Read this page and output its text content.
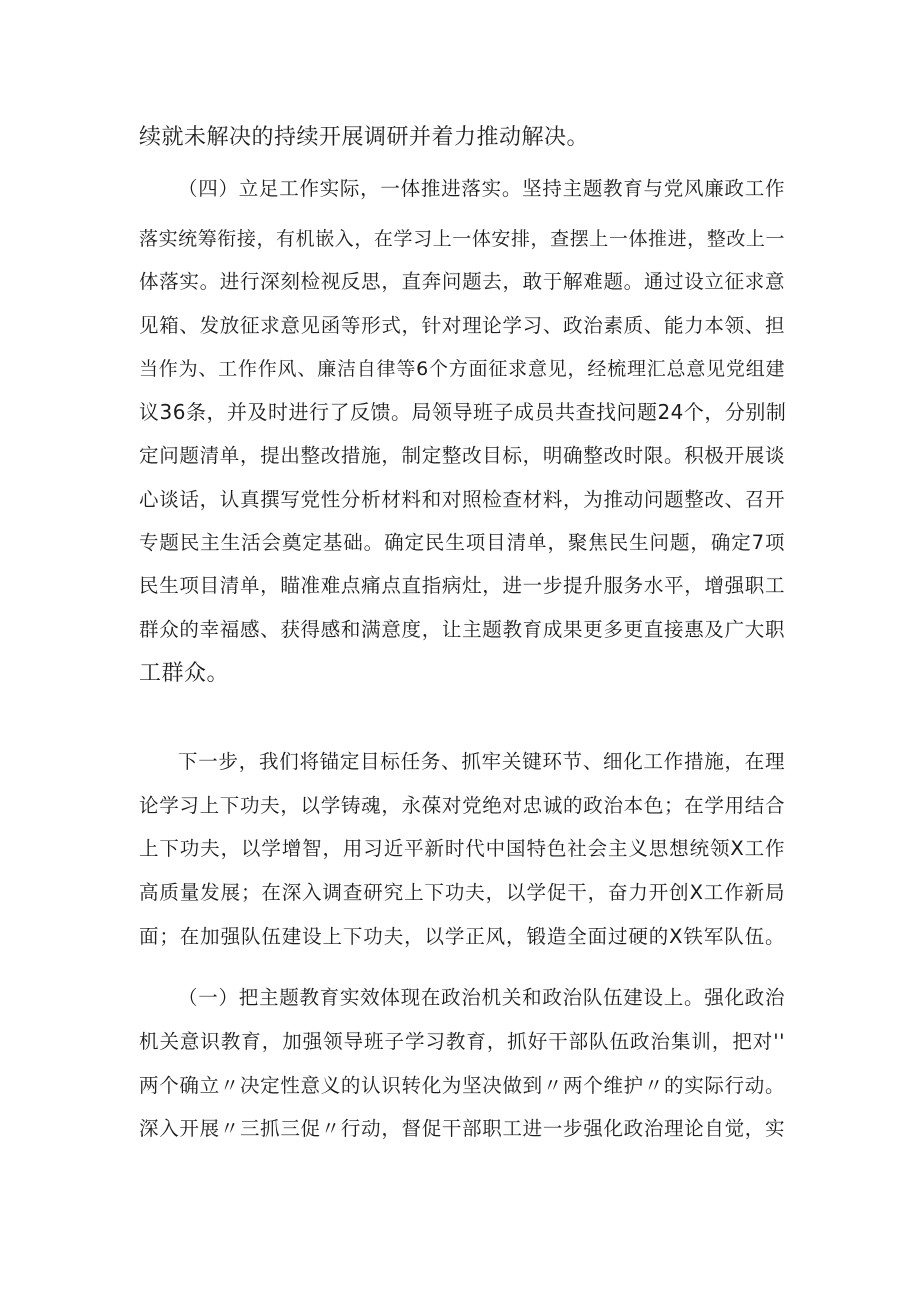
续就未解决的持续开展调研并着力推动解决。
（四）立足工作实际，一体推进落实。坚持主题教育与党风廉政工作
落实统筹衔接，有机嵌入，在学习上一体安排，查摆上一体推进，整改上一
体落实。进行深刻检视反思，直奔问题去，敢于解难题。通过设立征求意
见箱、发放征求意见函等形式，针对理论学习、政治素质、能力本领、担
当作为、工作作风、廉洁自律等6个方面征求意见，经梳理汇总意见党组建
议36条，并及时进行了反馈。局领导班子成员共查找问题24个，分别制
定问题清单，提出整改措施，制定整改目标，明确整改时限。积极开展谈
心谈话，认真撰写党性分析材料和对照检查材料，为推动问题整改、召开
专题民主生活会奠定基础。确定民生项目清单，聚焦民生问题，确定7项
民生项目清单，瞄准难点痛点直指病灶，进一步提升服务水平，增强职工
群众的幸福感、获得感和满意度，让主题教育成果更多更直接惠及广大职
工群众。
下一步，我们将锚定目标任务、抓牢关键环节、细化工作措施，在理
论学习上下功夫，以学铸魂，永葆对党绝对忠诚的政治本色；在学用结合
上下功夫，以学增智，用习近平新时代中国特色社会主义思想统领X工作
高质量发展；在深入调查研究上下功夫，以学促干，奋力开创X工作新局
面；在加强队伍建设上下功夫，以学正风，锻造全面过硬的X铁军队伍。
（一）把主题教育实效体现在政治机关和政治队伍建设上。强化政治
机关意识教育，加强领导班子学习教育，抓好干部队伍政治集训，把对''
两个确立〃决定性意义的认识转化为坚决做到〃两个维护〃的实际行动。
深入开展〃三抓三促〃行动，督促干部职工进一步强化政治理论自觉，实
